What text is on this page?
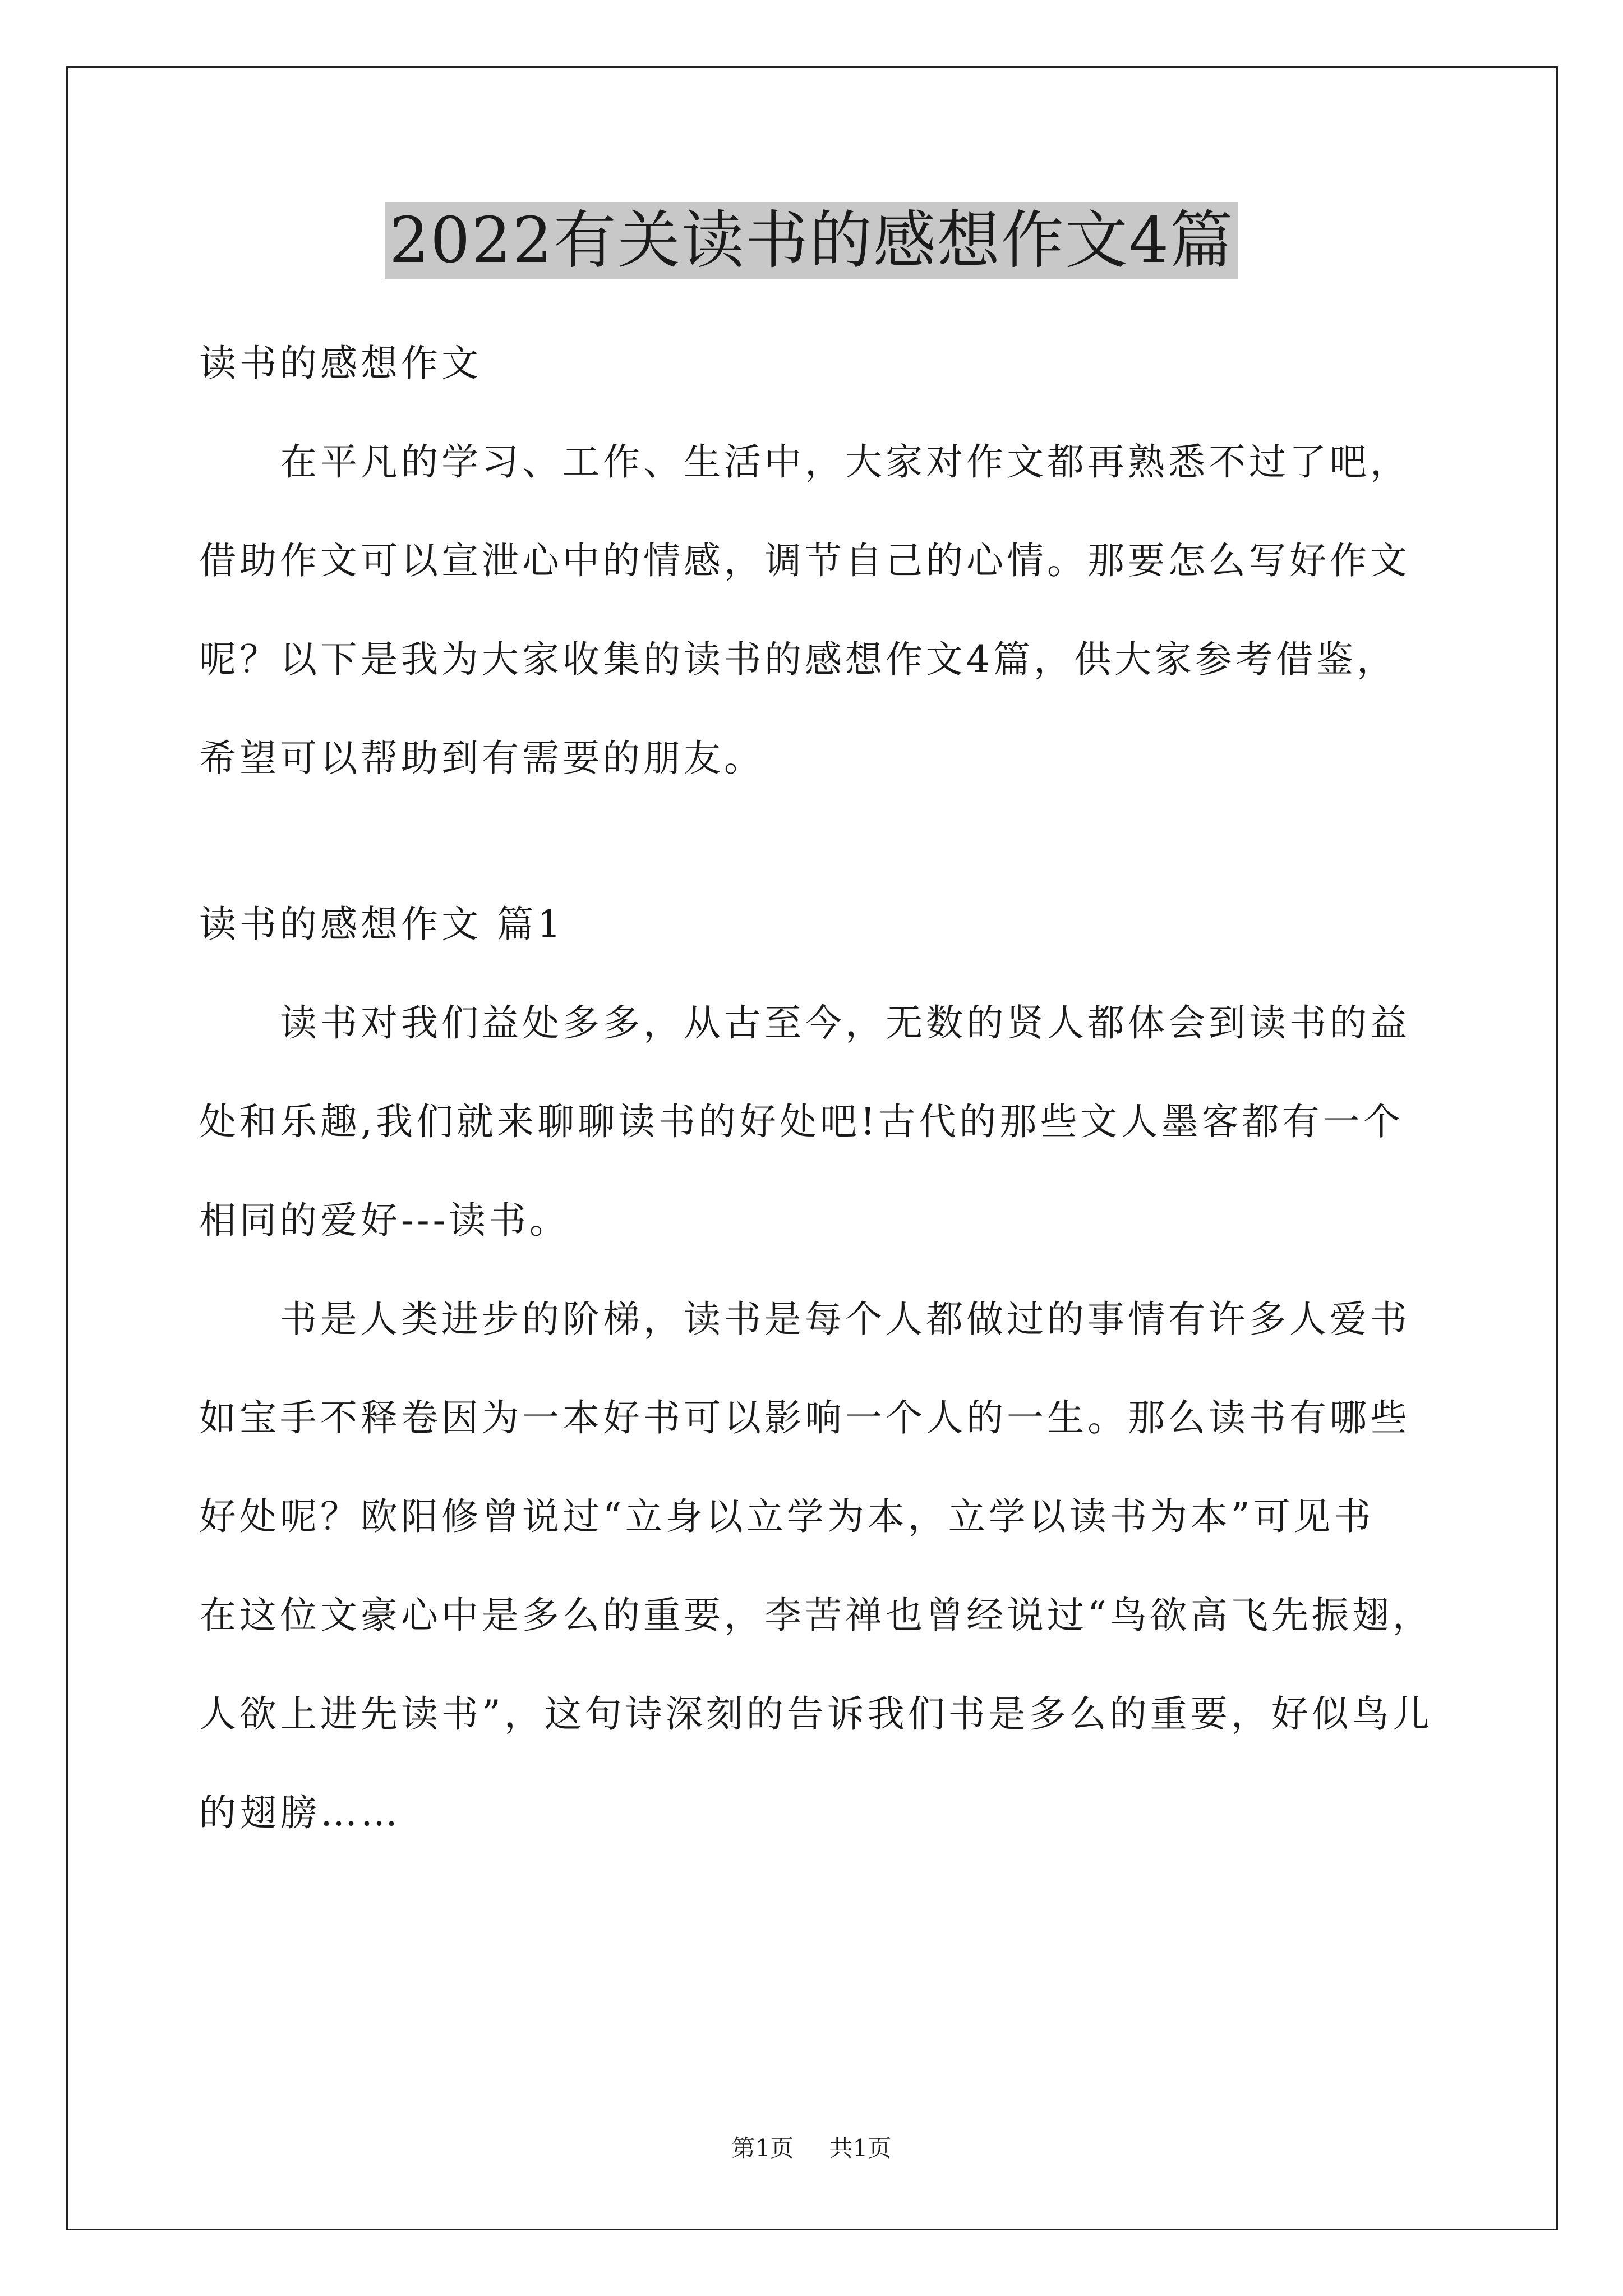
2022有关读书的感想作文4篇
读书的感想作文
　　在平凡的学习、工作、生活中，大家对作文都再熟悉不过了吧，
借助作文可以宣泄心中的情感，调节自己的心情。那要怎么写好作文
呢？以下是我为大家收集的读书的感想作文4篇，供大家参考借鉴，
希望可以帮助到有需要的朋友。
读书的感想作文 篇1
　　读书对我们益处多多，从古至今，无数的贤人都体会到读书的益
处和乐趣,我们就来聊聊读书的好处吧!古代的那些文人墨客都有一个
相同的爱好---读书。
　　书是人类进步的阶梯，读书是每个人都做过的事情有许多人爱书
如宝手不释卷因为一本好书可以影响一个人的一生。那么读书有哪些
好处呢？欧阳修曾说过“立身以立学为本，立学以读书为本”可见书
在这位文豪心中是多么的重要，李苦禅也曾经说过“鸟欲高飞先振翅，
人欲上进先读书”，这句诗深刻的告诉我们书是多么的重要，好似鸟儿
的翅膀……
第1页 共1页
